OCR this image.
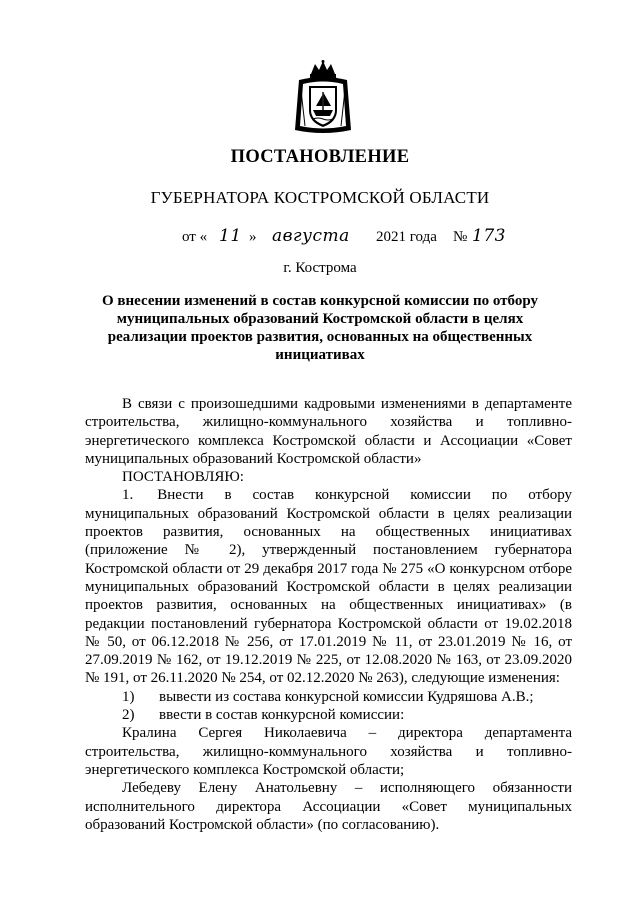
ПОСТАНОВЛЕНИЕ
ГУБЕРНАТОРА КОСТРОМСКОЙ ОБЛАСТИ
от « 11 » августа 2021 года № 173
г. Кострома
О внесении изменений в состав конкурсной комиссии по отбору муниципальных образований Костромской области в целях реализации проектов развития, основанных на общественных инициативах

В связи с произошедшими кадровыми изменениями в департаменте строительства, жилищно-коммунального хозяйства и топливно-энергетического комплекса Костромской области и Ассоциации «Совет муниципальных образований Костромской области»

ПОСТАНОВЛЯЮ:

1. Внести в состав конкурсной комиссии по отбору муниципальных образований Костромской области в целях реализации проектов развития, основанных на общественных инициативах (приложение № 2), утвержденный постановлением губернатора Костромской области от 29 декабря 2017 года № 275 «О конкурсном отборе муниципальных образований Костромской области в целях реализации проектов развития, основанных на общественных инициативах» (в редакции постановлений губернатора Костромской области от 19.02.2018 № 50, от 06.12.2018 № 256, от 17.01.2019 № 11, от 23.01.2019 № 16, от 27.09.2019 № 162, от 19.12.2019 № 225, от 12.08.2020 № 163, от 23.09.2020 № 191, от 26.11.2020 № 254, от 02.12.2020 № 263), следующие изменения:

1)	вывести из состава конкурсной комиссии Кудряшова А.В.;
2)	ввести в состав конкурсной комиссии:

Кралина Сергея Николаевича – директора департамента строительства, жилищно-коммунального хозяйства и топливно-энергетического комплекса Костромской области;

Лебедеву Елену Анатольевну – исполняющего обязанности исполнительного директора Ассоциации «Совет муниципальных образований Костромской области» (по согласованию).
